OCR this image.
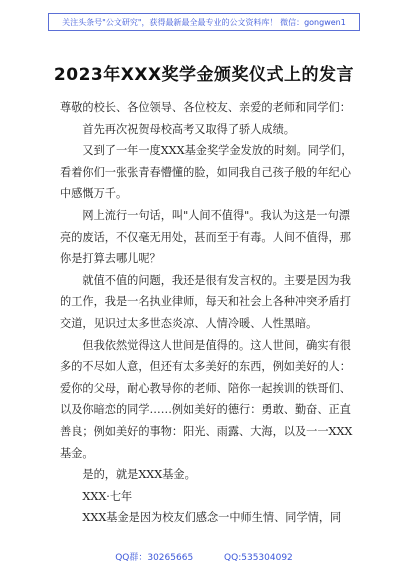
关注头条号"公文研究"，获得最新最全最专业的公文资料库！ 微信：gongwen1
2023年XXX奖学金颁奖仪式上的发言

尊敬的校长、各位领导、各位校友、亲爱的老师和同学们：

首先再次祝贺母校高考又取得了骄人成绩。

又到了一年一度XXX基金奖学金发放的时刻。同学们，看着你们一张张青春懵懂的脸，如同我自己孩子般的年纪心中感慨万千。

网上流行一句话，叫"人间不值得"。我认为这是一句漂亮的废话，不仅毫无用处，甚而至于有毒。人间不值得，那你是打算去哪儿呢？

就值不值的问题，我还是很有发言权的。主要是因为我的工作，我是一名执业律师，每天和社会上各种冲突矛盾打交道，见识过太多世态炎凉、人情冷暖、人性黑暗。

但我依然觉得这人世间是值得的。这人世间，确实有很多的不尽如人意，但还有太多美好的东西，例如美好的人：爱你的父母，耐心教导你的老师、陪你一起挨训的铁哥们、以及你暗恋的同学……例如美好的德行：勇敢、勤奋、正直善良；例如美好的事物：阳光、雨露、大海，以及一一XXX基金。

是的，就是XXX基金。

XXX·七年

XXX基金是因为校友们感念一中师生情、同学情，同

QQ群：30265665	QQ:535304092
